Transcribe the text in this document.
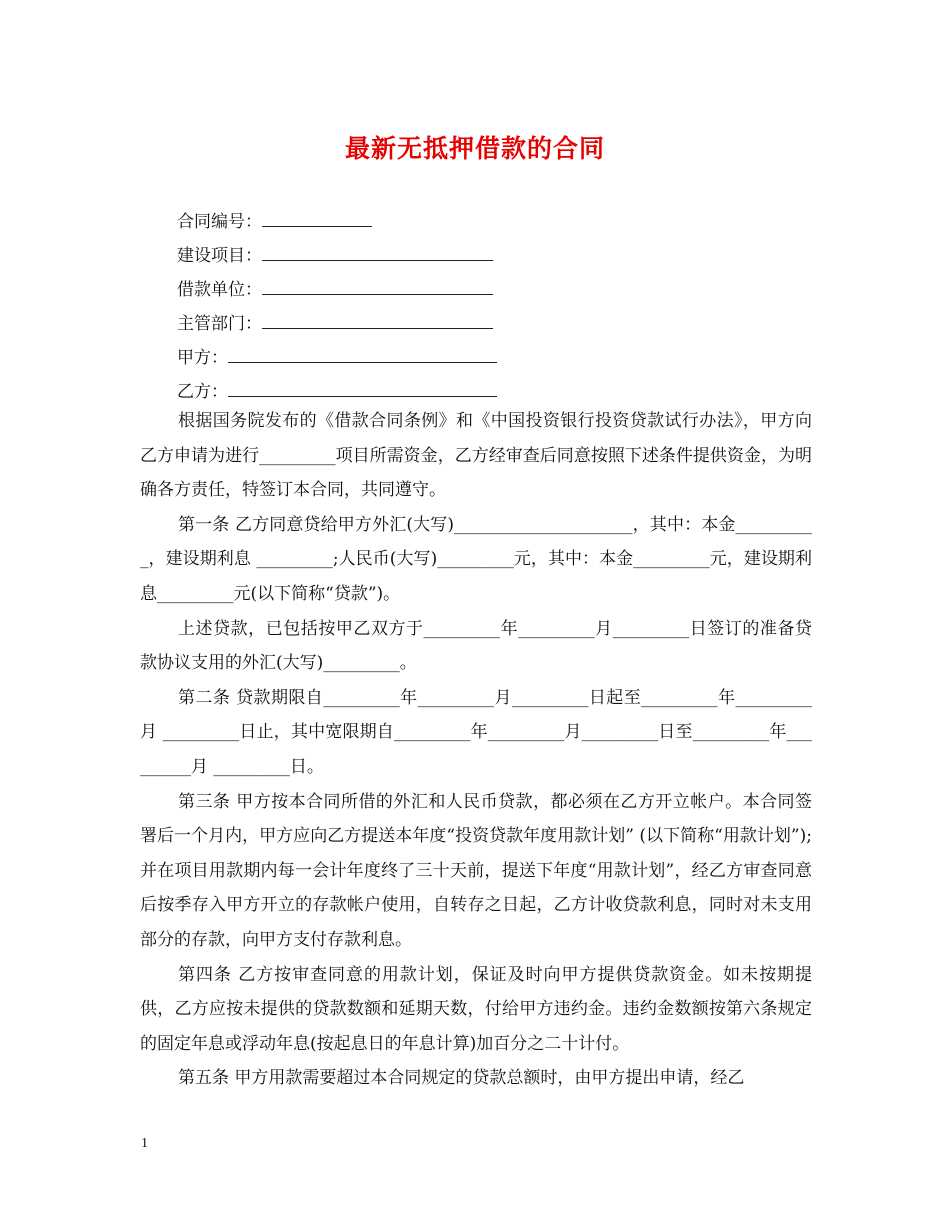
最新无抵押借款的合同
合同编号：
建设项目：
借款单位：
主管部门：
甲方：
乙方：

根据国务院发布的《借款合同条例》和《中国投资银行投资贷款试行办法》，甲方向乙方申请为进行_________项目所需资金，乙方经审查后同意按照下述条件提供资金，为明确各方责任，特签订本合同，共同遵守。

第一条 乙方同意贷给甲方外汇(大写)_____________________，其中：本金__________，建设期利息 _________;人民币(大写)_________元，其中：本金_________元，建设期利息_________元(以下简称“贷款”)。

上述贷款，已包括按甲乙双方于_________年_________月_________日签订的准备贷款协议支用的外汇(大写)_________。

第二条 贷款期限自_________年_________月_________日起至_________年_________月 _________日止，其中宽限期自_________年_________月_________日至_________年_________月 _________日。

第三条 甲方按本合同所借的外汇和人民币贷款，都必须在乙方开立帐户。本合同签署后一个月内，甲方应向乙方提送本年度“投资贷款年度用款计划” (以下简称“用款计划”);并在项目用款期内每一会计年度终了三十天前，提送下年度“用款计划”，经乙方审查同意后按季存入甲方开立的存款帐户使用，自转存之日起，乙方计收贷款利息，同时对未支用部分的存款，向甲方支付存款利息。

第四条 乙方按审查同意的用款计划，保证及时向甲方提供贷款资金。如未按期提供，乙方应按未提供的贷款数额和延期天数，付给甲方违约金。违约金数额按第六条规定的固定年息或浮动年息(按起息日的年息计算)加百分之二十计付。

第五条 甲方用款需要超过本合同规定的贷款总额时，由甲方提出申请，经乙

1
